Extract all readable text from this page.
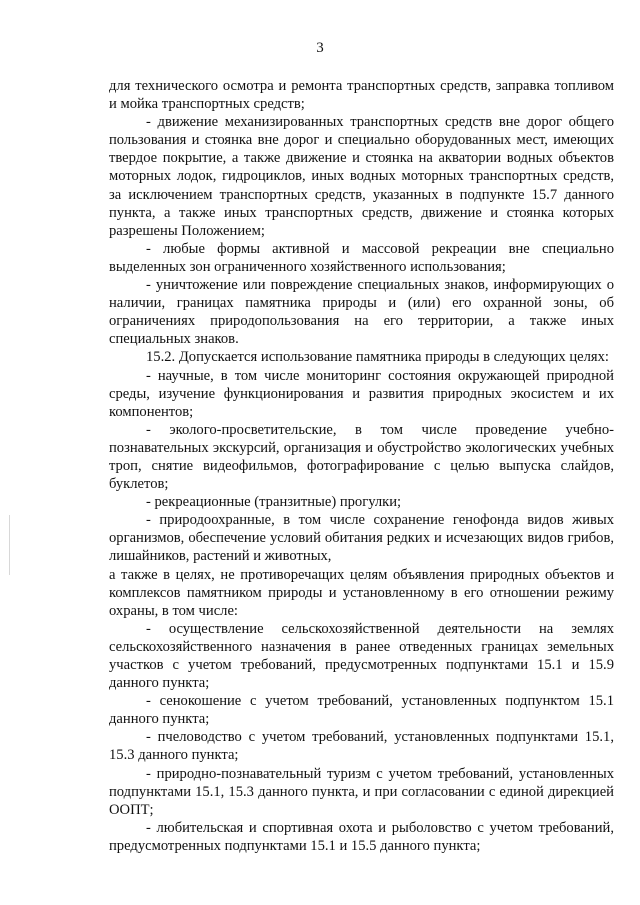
3

для технического осмотра и ремонта транспортных средств, заправка топливом и мойка транспортных средств;

- движение механизированных транспортных средств вне дорог общего пользования и стоянка вне дорог и специально оборудованных мест, имеющих твердое покрытие, а также движение и стоянка на акватории водных объектов моторных лодок, гидроциклов, иных водных моторных транспортных средств, за исключением транспортных средств, указанных в подпункте 15.7 данного пункта, а также иных транспортных средств, движение и стоянка которых разрешены Положением;

- любые формы активной и массовой рекреации вне специально выделенных зон ограниченного хозяйственного использования;

- уничтожение или повреждение специальных знаков, информирующих о наличии, границах памятника природы и (или) его охранной зоны, об ограничениях природопользования на его территории, а также иных специальных знаков.

15.2. Допускается использование памятника природы в следующих целях:

- научные, в том числе мониторинг состояния окружающей природной среды, изучение функционирования и развития природных экосистем и их компонентов;

- эколого-просветительские, в том числе проведение учебно-познавательных экскурсий, организация и обустройство экологических учебных троп, снятие видеофильмов, фотографирование с целью выпуска слайдов, буклетов;

- рекреационные (транзитные) прогулки;

- природоохранные, в том числе сохранение генофонда видов живых организмов, обеспечение условий обитания редких и исчезающих видов грибов, лишайников, растений и животных,

а также в целях, не противоречащих целям объявления природных объектов и комплексов памятником природы и установленному в его отношении режиму охраны, в том числе:

- осуществление сельскохозяйственной деятельности на землях сельскохозяйственного назначения в ранее отведенных границах земельных участков с учетом требований, предусмотренных подпунктами 15.1 и 15.9 данного пункта;

- сенокошение с учетом требований, установленных подпунктом 15.1 данного пункта;

- пчеловодство с учетом требований, установленных подпунктами 15.1, 15.3 данного пункта;

- природно-познавательный туризм с учетом требований, установленных подпунктами 15.1, 15.3 данного пункта, и при согласовании с единой дирекцией ООПТ;

- любительская и спортивная охота и рыболовство с учетом требований, предусмотренных подпунктами 15.1 и 15.5 данного пункта;
